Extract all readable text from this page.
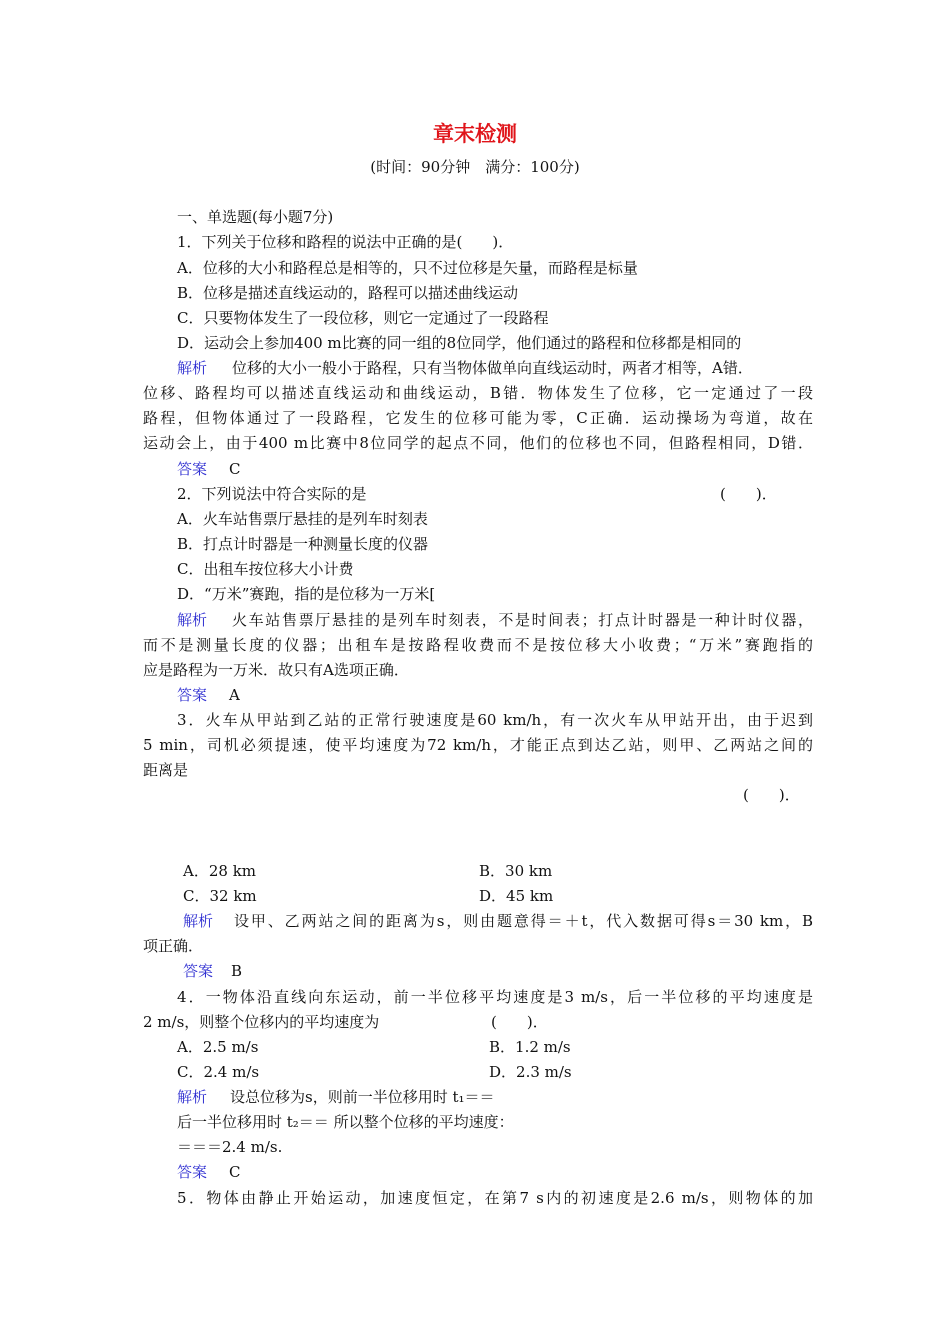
章末检测
(时间：90分钟　满分：100分)
一、单选题(每小题7分)
1．下列关于位移和路程的说法中正确的是(　　)．
A．位移的大小和路程总是相等的，只不过位移是矢量，而路程是标量
B．位移是描述直线运动的，路程可以描述曲线运动
C．只要物体发生了一段位移，则它一定通过了一段路程
D．运动会上参加400 m比赛的同一组的8位同学，他们通过的路程和位移都是相同的
解析 位移的大小一般小于路程，只有当物体做单向直线运动时，两者才相等，A错．
位移、路程均可以描述直线运动和曲线运动，B错．物体发生了位移，它一定通过了一段
路程，但物体通过了一段路程，它发生的位移可能为零，C正确．运动操场为弯道，故在
运动会上，由于400 m比赛中8位同学的起点不同，他们的位移也不同，但路程相同，D错．
答案 C
2．下列说法中符合实际的是	(　　)．
A．火车站售票厅悬挂的是列车时刻表
B．打点计时器是一种测量长度的仪器
C．出租车按位移大小计费
D．“万米”赛跑，指的是位移为一万米[
解析 火车站售票厅悬挂的是列车时刻表，不是时间表；打点计时器是一种计时仪器，
而不是测量长度的仪器；出租车是按路程收费而不是按位移大小收费；“万米”赛跑指的
应是路程为一万米．故只有A选项正确．
答案 A
3．火车从甲站到乙站的正常行驶速度是60 km/h，有一次火车从甲站开出，由于迟到
5 min，司机必须提速，使平均速度为72 km/h，才能正点到达乙站，则甲、乙两站之间的
距离是
(　　)．
A．28 km	B．30 km
C．32 km	D．45 km
解析 设甲、乙两站之间的距离为s，则由题意得＝＋t，代入数据可得s＝30 km，B
项正确．
答案 B
4．一物体沿直线向东运动，前一半位移平均速度是3 m/s，后一半位移的平均速度是
2 m/s，则整个位移内的平均速度为	(　　)．
A．2.5 m/s	B．1.2 m/s
C．2.4 m/s	D．2.3 m/s
解析 设总位移为s，则前一半位移用时 t₁＝＝
后一半位移用时 t₂＝＝ 所以整个位移的平均速度：
＝＝＝2.4 m/s.
答案 C
5．物体由静止开始运动，加速度恒定，在第7 s内的初速度是2.6 m/s，则物体的加
